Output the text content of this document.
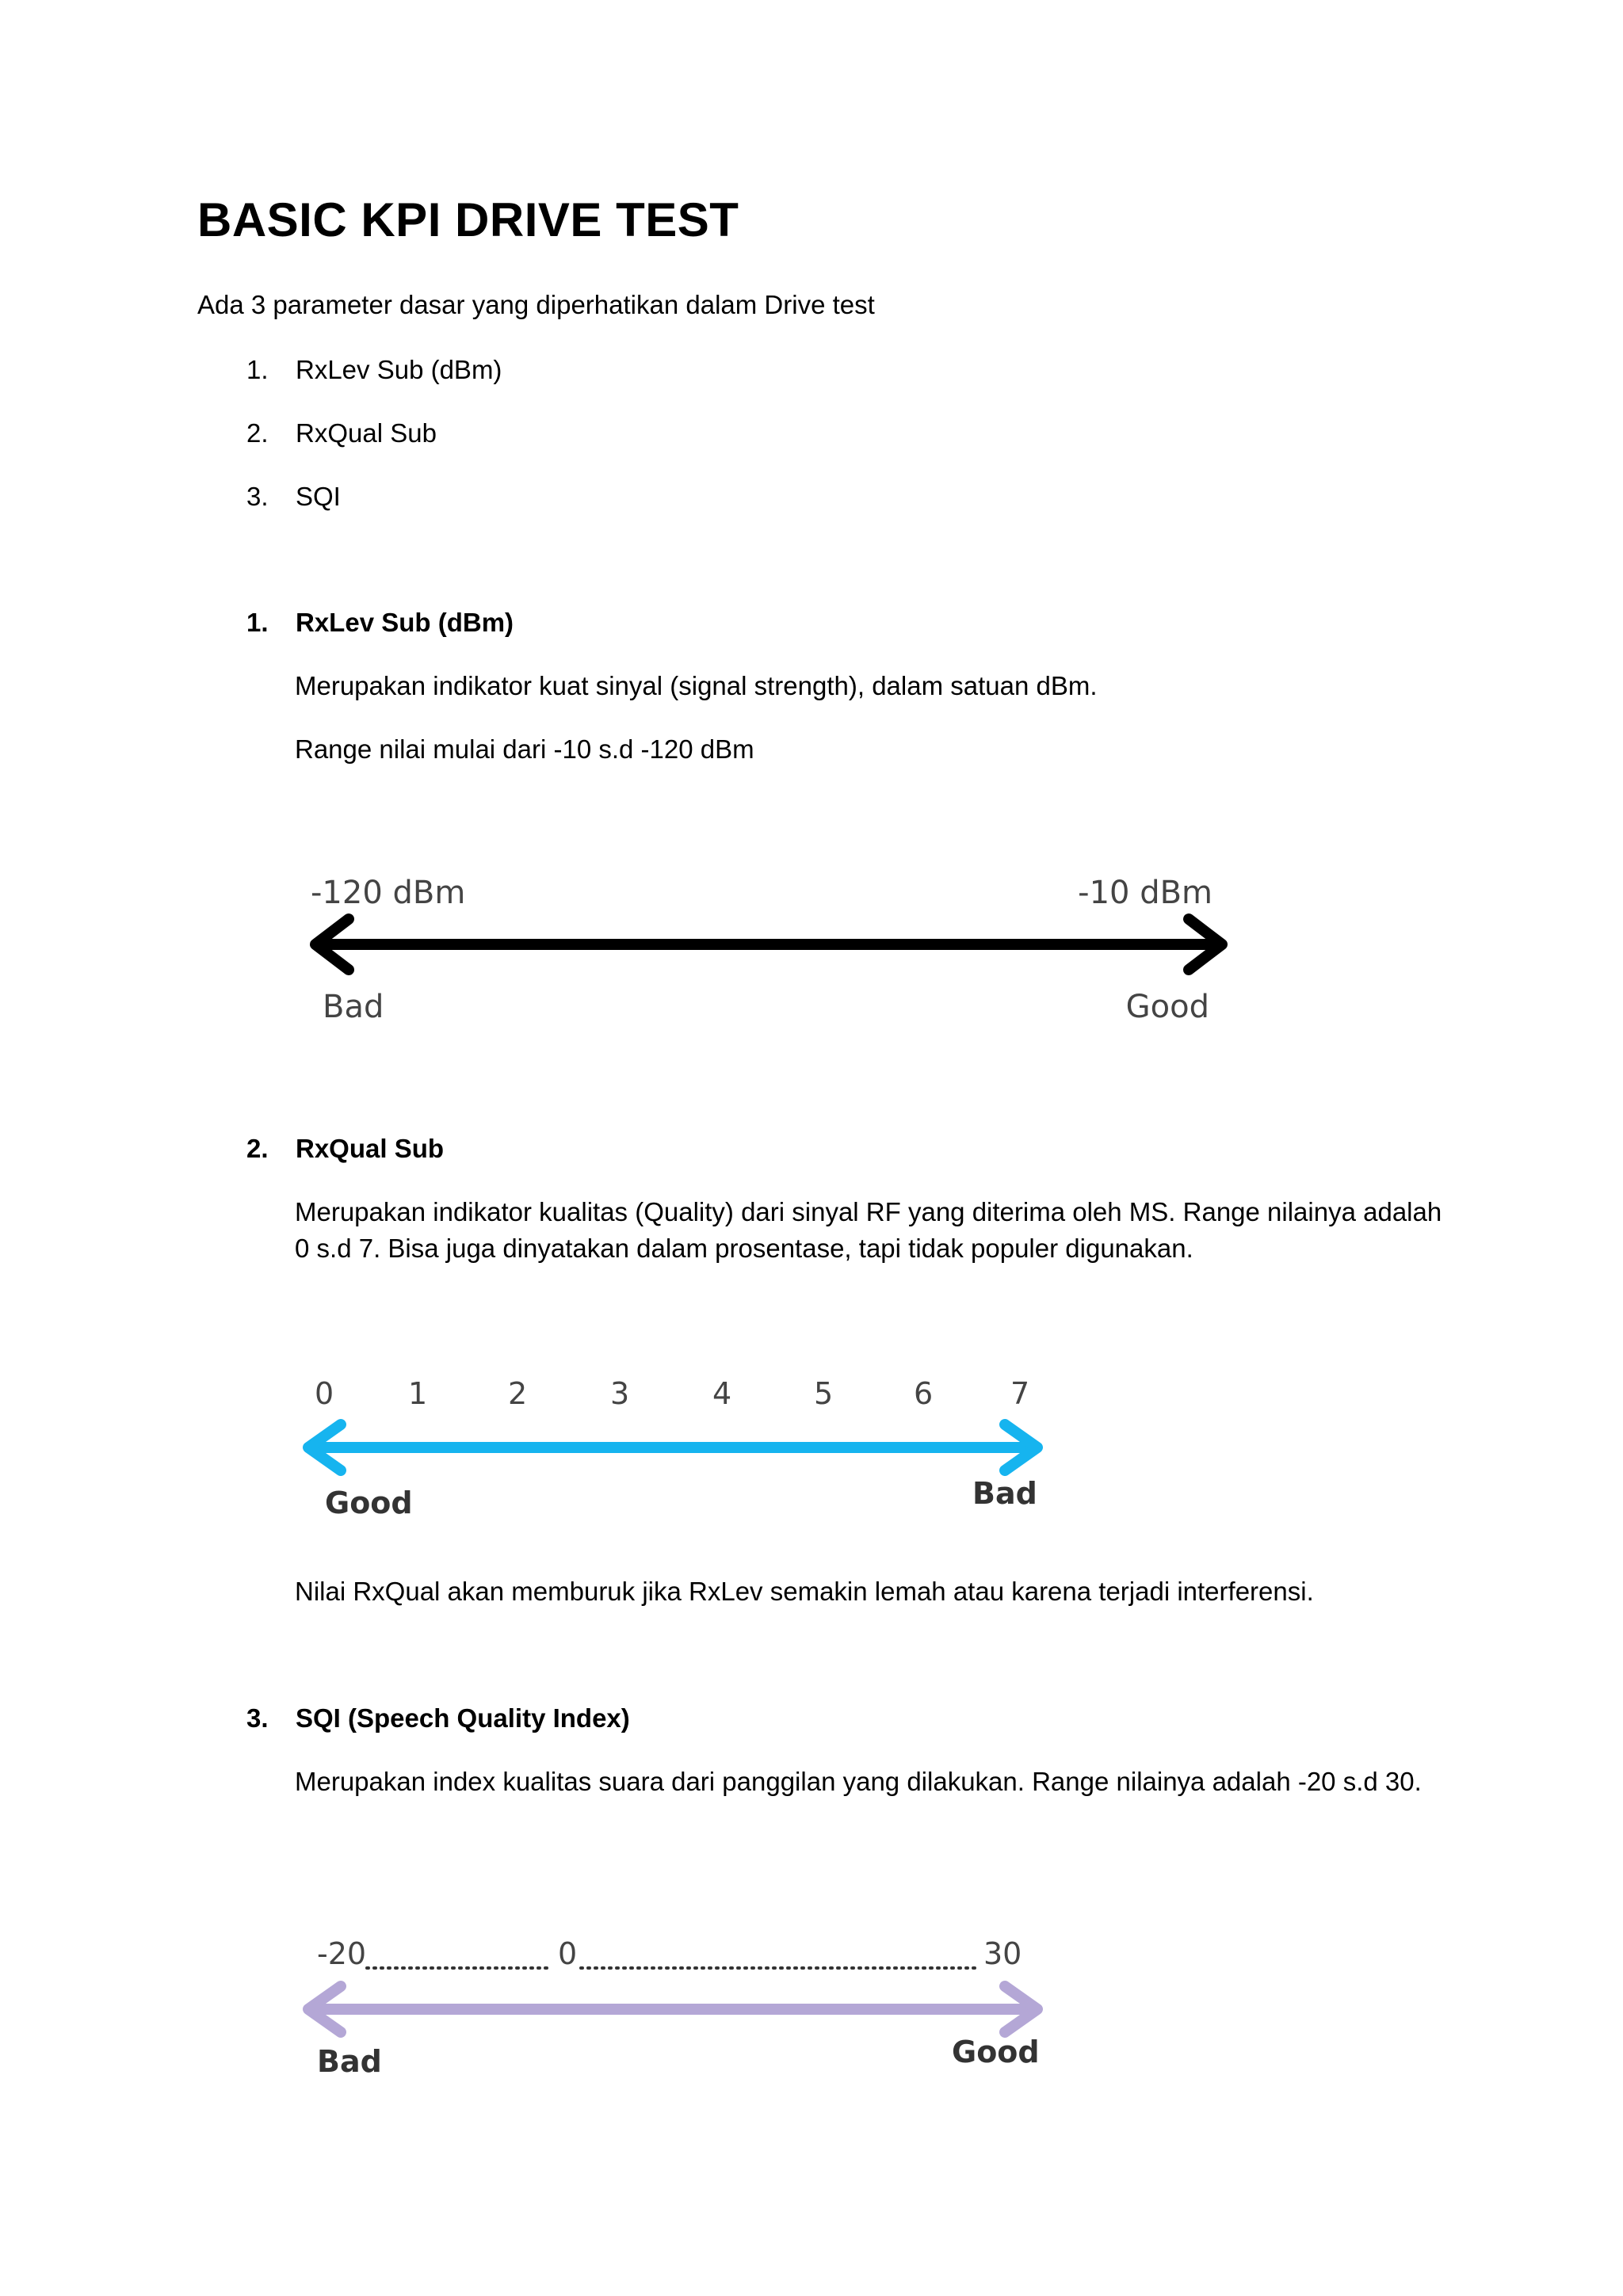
BASIC KPI DRIVE TEST

Ada 3 parameter dasar yang diperhatikan dalam Drive test

1. RxLev Sub (dBm)
2. RxQual Sub
3. SQI
1. RxLev Sub (dBm)

Merupakan indikator kuat sinyal (signal strength), dalam satuan dBm.

Range nilai mulai dari -10 s.d -120 dBm

-120 dBm	-10 dBm
Bad	Good
2. RxQual Sub

Merupakan indikator kualitas (Quality) dari sinyal RF yang diterima oleh MS. Range nilainya adalah 0 s.d 7. Bisa juga dinyatakan dalam prosentase, tapi tidak populer digunakan.

0 1	2	3	4	5	6	7
Good	Bad

Nilai RxQual akan memburuk jika RxLev semakin lemah atau karena terjadi interferensi.

3. SQI (Speech Quality Index)

Merupakan index kualitas suara dari panggilan yang dilakukan. Range nilainya adalah -20 s.d 30.

-20	0	30
Bad	Good
